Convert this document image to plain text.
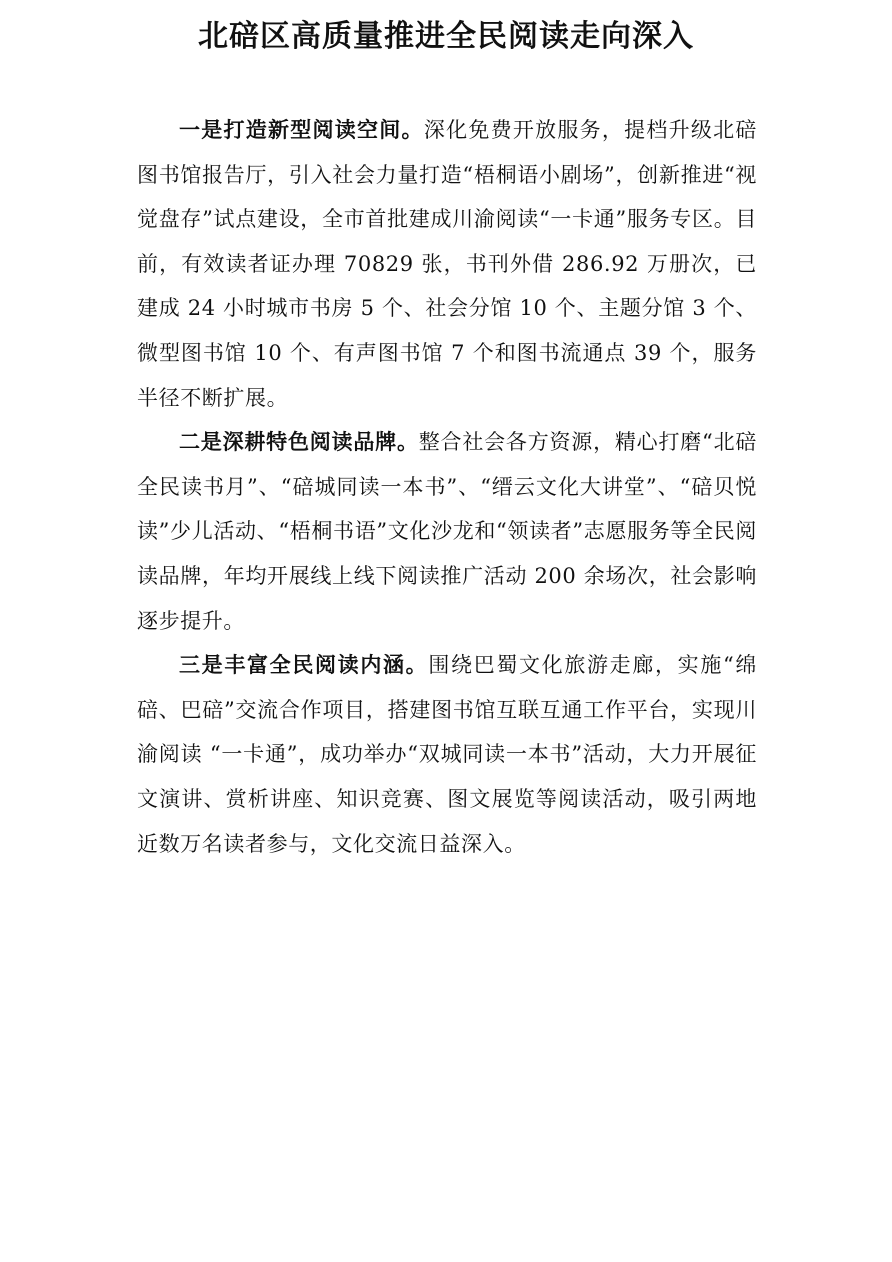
北碚区高质量推进全民阅读走向深入

一是打造新型阅读空间。深化免费开放服务，提档升级北碚图书馆报告厅，引入社会力量打造“梧桐语小剧场”，创新推进“视觉盘存”试点建设，全市首批建成川渝阅读“一卡通”服务专区。目前，有效读者证办理 70829 张，书刊外借 286.92 万册次，已建成 24 小时城市书房 5 个、社会分馆 10 个、主题分馆 3 个、微型图书馆 10 个、有声图书馆 7 个和图书流通点 39 个，服务半径不断扩展。

二是深耕特色阅读品牌。整合社会各方资源，精心打磨“北碚全民读书月”、“碚城同读一本书”、“缙云文化大讲堂”、“碚贝悦读”少儿活动、“梧桐书语”文化沙龙和“领读者”志愿服务等全民阅读品牌，年均开展线上线下阅读推广活动 200 余场次，社会影响逐步提升。

三是丰富全民阅读内涵。围绕巴蜀文化旅游走廊，实施“绵碚、巴碚”交流合作项目，搭建图书馆互联互通工作平台，实现川渝阅读 “一卡通”，成功举办“双城同读一本书”活动，大力开展征文演讲、赏析讲座、知识竞赛、图文展览等阅读活动，吸引两地近数万名读者参与，文化交流日益深入。
